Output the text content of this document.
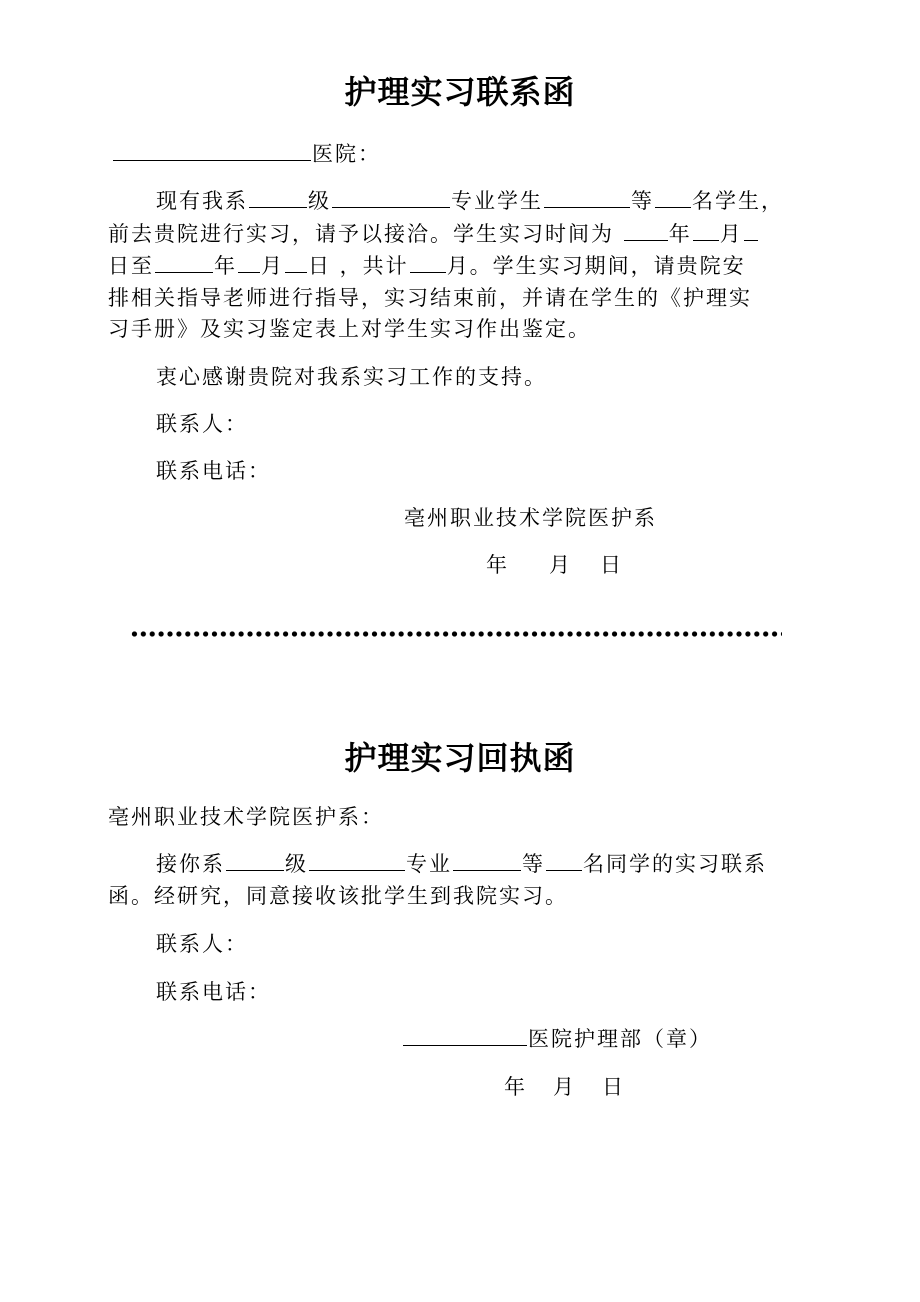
护理实习联系函
医院：
现有我系	级	专业学生	等 名学生，
前去贵院进行实习，请予以接洽。学生实习时间为 年 月
日至	年 月 日 ，共计 月。学生实习期间，请贵院安
排相关指导老师进行指导，实习结束前，并请在学生的《护理实
习手册》及实习鉴定表上对学生实习作出鉴定。
衷心感谢贵院对我系实习工作的支持。
联系人：
联系电话：
亳州职业技术学院医护系
年 月 日
护理实习回执函
亳州职业技术学院医护系：
接你系	级	专业	等 名同学的实习联系
函。经研究，同意接收该批学生到我院实习。
联系人：
联系电话：
医院护理部（章）
年 月 日
